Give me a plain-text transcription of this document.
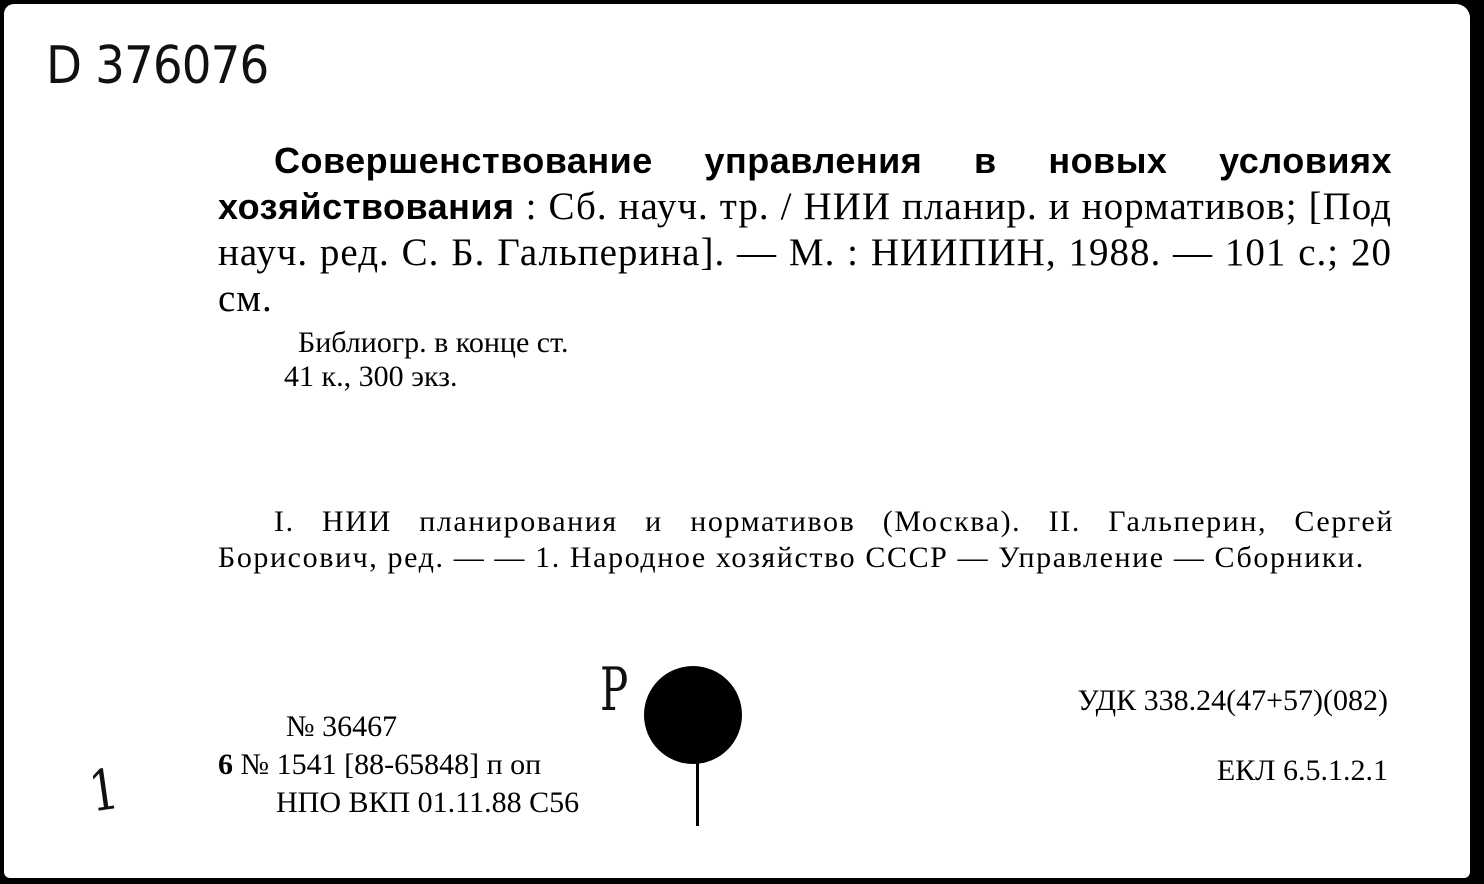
D 376076

Совершенствование управления в новых условиях хозяйствования : Сб. науч. тр. / НИИ планир. и нормативов; [Под науч. ред. С. Б. Гальперина]. — М. : НИИПИН, 1988. — 101 с.; 20 см.

Библиогр. в конце ст.
41 к., 300 экз.

I. НИИ планирования и нормативов (Москва). II. Гальперин, Сергей Борисович, ред. — — 1. Народное хозяйство СССР — Управление — Сборники.

№ 36467
6 № 1541 [88-65848] п оп
НПО ВКП 01.11.88 С56
УДК 338.24(47+57)(082)
ЕКЛ 6.5.1.2.1
1
P
